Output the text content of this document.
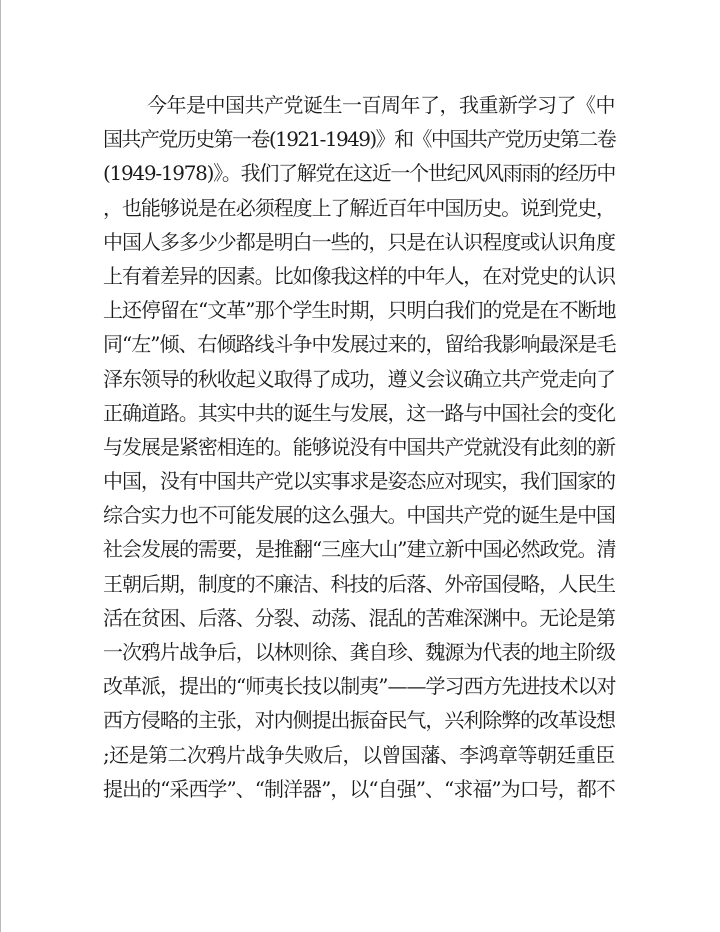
今年是中国共产党诞生一百周年了，我重新学习了《中
国共产党历史第一卷(1921-1949)》和《中国共产党历史第二卷
(1949-1978)》。我们了解党在这近一个世纪风风雨雨的经历中
，也能够说是在必须程度上了解近百年中国历史。说到党史，
中国人多多少少都是明白一些的，只是在认识程度或认识角度
上有着差异的因素。比如像我这样的中年人，在对党史的认识
上还停留在“文革”那个学生时期，只明白我们的党是在不断地
同“左”倾、右倾路线斗争中发展过来的，留给我影响最深是毛
泽东领导的秋收起义取得了成功，遵义会议确立共产党走向了
正确道路。其实中共的诞生与发展，这一路与中国社会的变化
与发展是紧密相连的。能够说没有中国共产党就没有此刻的新
中国，没有中国共产党以实事求是姿态应对现实，我们国家的
综合实力也不可能发展的这么强大。中国共产党的诞生是中国
社会发展的需要，是推翻“三座大山”建立新中国必然政党。清
王朝后期，制度的不廉洁、科技的后落、外帝国侵略，人民生
活在贫困、后落、分裂、动荡、混乱的苦难深渊中。无论是第
一次鸦片战争后，以林则徐、龚自珍、魏源为代表的地主阶级
改革派，提出的“师夷长技以制夷”——学习西方先进技术以对
西方侵略的主张，对内侧提出振奋民气，兴利除弊的改革设想
;还是第二次鸦片战争失败后，以曾国藩、李鸿章等朝廷重臣
提出的“采西学”、“制洋器”，以“自强”、“求福”为口号，都不
